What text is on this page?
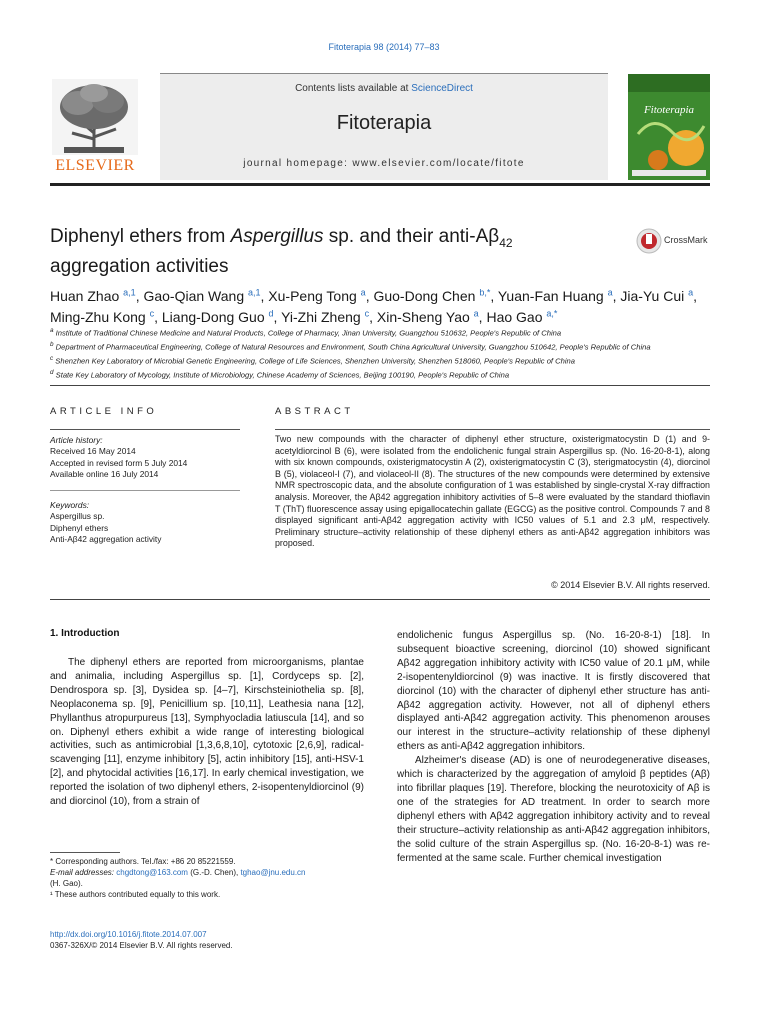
Fitoterapia 98 (2014) 77–83
ELSEVIER
Contents lists available at ScienceDirect
Fitoterapia
journal homepage: www.elsevier.com/locate/fitote
Fitoterapia
Diphenyl ethers from Aspergillus sp. and their anti-$A\beta_{42}$
aggregation activities
CrossMark
Huan Zhao $^{a,1}$, Gao-Qian Wang $^{a,1}$, Xu-Peng Tong $^a$, Guo-Dong Chen $^{b,*}$, Yuan-Fan Huang $^a$, Jia-Yu Cui $^a$, Ming-Zhu Kong $^c$, Liang-Dong Guo $^d$, Yi-Zhi Zheng $^c$, Xin-Sheng Yao $^a$, Hao Gao $^{a,*}$
$^a$ Institute of Traditional Chinese Medicine and Natural Products, College of Pharmacy, Jinan University, Guangzhou 510632, People's Republic of China
$^b$ Department of Pharmaceutical Engineering, College of Natural Resources and Environment, South China Agricultural University, Guangzhou 510642, People's Republic of China
$^c$ Shenzhen Key Laboratory of Microbial Genetic Engineering, College of Life Sciences, Shenzhen University, Shenzhen 518060, People's Republic of China
$^d$ State Key Laboratory of Mycology, Institute of Microbiology, Chinese Academy of Sciences, Beijing 100190, People's Republic of China
ARTICLE INFO
Article history:
Received 16 May 2014
Accepted in revised form 5 July 2014
Available online 16 July 2014
Keywords:
Aspergillus sp.
Diphenyl ethers
Anti-Aβ42 aggregation activity
ABSTRACT
Two new compounds with the character of diphenyl ether structure, oxisterigmatocystin D (1) and 9-acetyldiorcinol B (6), were isolated from the endolichenic fungal strain Aspergillus sp. (No. 16-20-8-1), along with six known compounds, oxisterigmatocystin A (2), oxisterigmatocystin C (3), sterigmatocystin (4), diorcinol B (5), violaceol-I (7), and violaceol-II (8). The structures of the new compounds were determined by extensive NMR spectroscopic data, and the absolute configuration of 1 was established by single-crystal X-ray diffraction analysis. Moreover, the Aβ42 aggregation inhibitory activities of 5–8 were evaluated by the standard thioflavin T (ThT) fluorescence assay using epigallocatechin gallate (EGCG) as the positive control. Compounds 7 and 8 displayed significant anti-Aβ42 aggregation activity with IC50 values of 5.1 and 2.3 μM, respectively. Preliminary structure–activity relationship of these diphenyl ethers as anti-Aβ42 aggregation inhibitors was proposed.
© 2014 Elsevier B.V. All rights reserved.
1. Introduction

The diphenyl ethers are reported from microorganisms, plantae and animalia, including Aspergillus sp. [1], Cordyceps sp. [2], Dendrospora sp. [3], Dysidea sp. [4–7], Kirschsteiniothelia sp. [8], Neoplaconema sp. [9], Penicillium sp. [10,11], Leathesia nana [12], Phyllanthus atropurpureus [13], Symphyocladia latiuscula [14], and so on. Diphenyl ethers exhibit a wide range of interesting biological activities, such as antimicrobial [1,3,6,8,10], cytotoxic [2,6,9], radical-scavenging [11], enzyme inhibitory [5], actin inhibitory [15], anti-HSV-1 [2], and phytocidal activities [16,17]. In early chemical investigation, we reported the isolation of two diphenyl ethers, 2-isopentenyldiorcinol (9) and diorcinol (10), from a strain of

endolichenic fungus Aspergillus sp. (No. 16-20-8-1) [18]. In subsequent bioactive screening, diorcinol (10) showed significant Aβ42 aggregation inhibitory activity with IC50 value of 20.1 μM, while 2-isopentenyldiorcinol (9) was inactive. It is firstly discovered that diorcinol (10) with the character of diphenyl ether structure has anti-Aβ42 aggregation activity. However, not all of diphenyl ethers displayed anti-Aβ42 aggregation activity. This phenomenon arouses our interest in the structure–activity relationship of these diphenyl ethers as anti-Aβ42 aggregation inhibitors.

Alzheimer's disease (AD) is one of neurodegenerative diseases, which is characterized by the aggregation of amyloid β peptides (Aβ) into fibrillar plaques [19]. Therefore, blocking the neurotoxicity of Aβ is one of the strategies for AD treatment. In order to search more diphenyl ethers with Aβ42 aggregation inhibitory activity and to reveal their structure–activity relationship as anti-Aβ42 aggregation inhibitors, the solid culture of the strain Aspergillus sp. (No. 16-20-8-1) was re-fermented at the same scale. Further chemical investigation

* Corresponding authors. Tel./fax: +86 20 85221559.
E-mail addresses: chgdtong@163.com (G.-D. Chen), tghao@jnu.edu.cn
(H. Gao).
¹ These authors contributed equally to this work.
http://dx.doi.org/10.1016/j.fitote.2014.07.007
0367-326X/© 2014 Elsevier B.V. All rights reserved.
